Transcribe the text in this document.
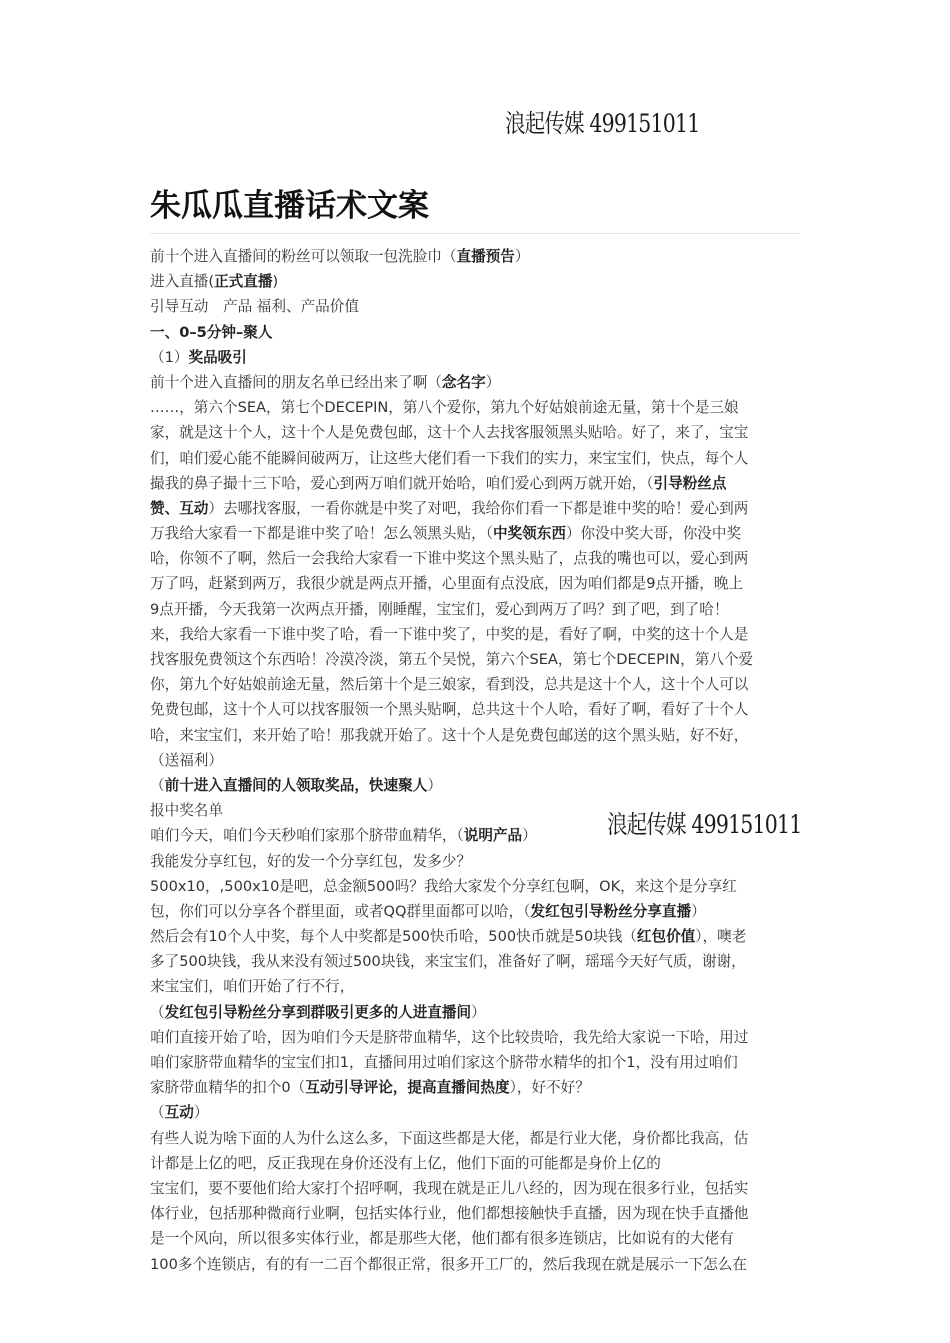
浪起传媒 499151011
浪起传媒 499151011
朱瓜瓜直播话术文案
前十个进入直播间的粉丝可以领取一包洗脸巾（直播预告）
进入直播(正式直播)
引导互动　产品 福利、产品价值
一、0–5分钟–聚人
（1）奖品吸引
前十个进入直播间的朋友名单已经出来了啊（念名字）
……，第六个SEA，第七个DECEPIN，第八个爱你，第九个好姑娘前途无量，第十个是三娘
家，就是这十个人，这十个人是免费包邮，这十个人去找客服领黑头贴哈。好了，来了，宝宝
们，咱们爱心能不能瞬间破两万，让这些大佬们看一下我们的实力，来宝宝们，快点，每个人
撮我的鼻子撮十三下哈，爱心到两万咱们就开始哈，咱们爱心到两万就开始，（引导粉丝点
赞、互动）去哪找客服，一看你就是中奖了对吧，我给你们看一下都是谁中奖的哈！爱心到两
万我给大家看一下都是谁中奖了哈！怎么领黑头贴，（中奖领东西）你没中奖大哥，你没中奖
哈，你领不了啊，然后一会我给大家看一下谁中奖这个黑头贴了，点我的嘴也可以，爱心到两
万了吗，赶紧到两万，我很少就是两点开播，心里面有点没底，因为咱们都是9点开播，晚上
9点开播，今天我第一次两点开播，刚睡醒，宝宝们，爱心到两万了吗？到了吧，到了哈！
来，我给大家看一下谁中奖了哈，看一下谁中奖了，中奖的是，看好了啊，中奖的这十个人是
找客服免费领这个东西哈！冷漠冷淡，第五个吴悦，第六个SEA，第七个DECEPIN，第八个爱
你，第九个好姑娘前途无量，然后第十个是三娘家，看到没，总共是这十个人，这十个人可以
免费包邮，这十个人可以找客服领一个黑头贴啊，总共这十个人哈，看好了啊，看好了十个人
哈，来宝宝们，来开始了哈！那我就开始了。这十个人是免费包邮送的这个黑头贴，好不好，
（送福利）
（前十进入直播间的人领取奖品，快速聚人）
报中奖名单
咱们今天，咱们今天秒咱们家那个脐带血精华，（说明产品）
我能发分享红包，好的发一个分享红包，发多少？
500x10，,500x10是吧，总金额500吗？我给大家发个分享红包啊，OK，来这个是分享红
包，你们可以分享各个群里面，或者QQ群里面都可以哈，（发红包引导粉丝分享直播）
然后会有10个人中奖，每个人中奖都是500快币哈，500快币就是50块钱（红包价值），噢老
多了500块钱，我从来没有领过500块钱，来宝宝们，准备好了啊，瑶瑶今天好气质，谢谢，
来宝宝们，咱们开始了行不行，
（发红包引导粉丝分享到群吸引更多的人进直播间）
咱们直接开始了哈，因为咱们今天是脐带血精华，这个比较贵哈，我先给大家说一下哈，用过
咱们家脐带血精华的宝宝们扣1，直播间用过咱们家这个脐带水精华的扣个1，没有用过咱们
家脐带血精华的扣个0（互动引导评论，提高直播间热度），好不好？
（互动）
有些人说为啥下面的人为什么这么多，下面这些都是大佬，都是行业大佬，身价都比我高，估
计都是上亿的吧，反正我现在身价还没有上亿，他们下面的可能都是身价上亿的
宝宝们，要不要他们给大家打个招呼啊，我现在就是正儿八经的，因为现在很多行业，包括实
体行业，包括那种微商行业啊，包括实体行业，他们都想接触快手直播，因为现在快手直播他
是一个风向，所以很多实体行业，都是那些大佬，他们都有很多连锁店，比如说有的大佬有
100多个连锁店，有的有一二百个都很正常，很多开工厂的，然后我现在就是展示一下怎么在
